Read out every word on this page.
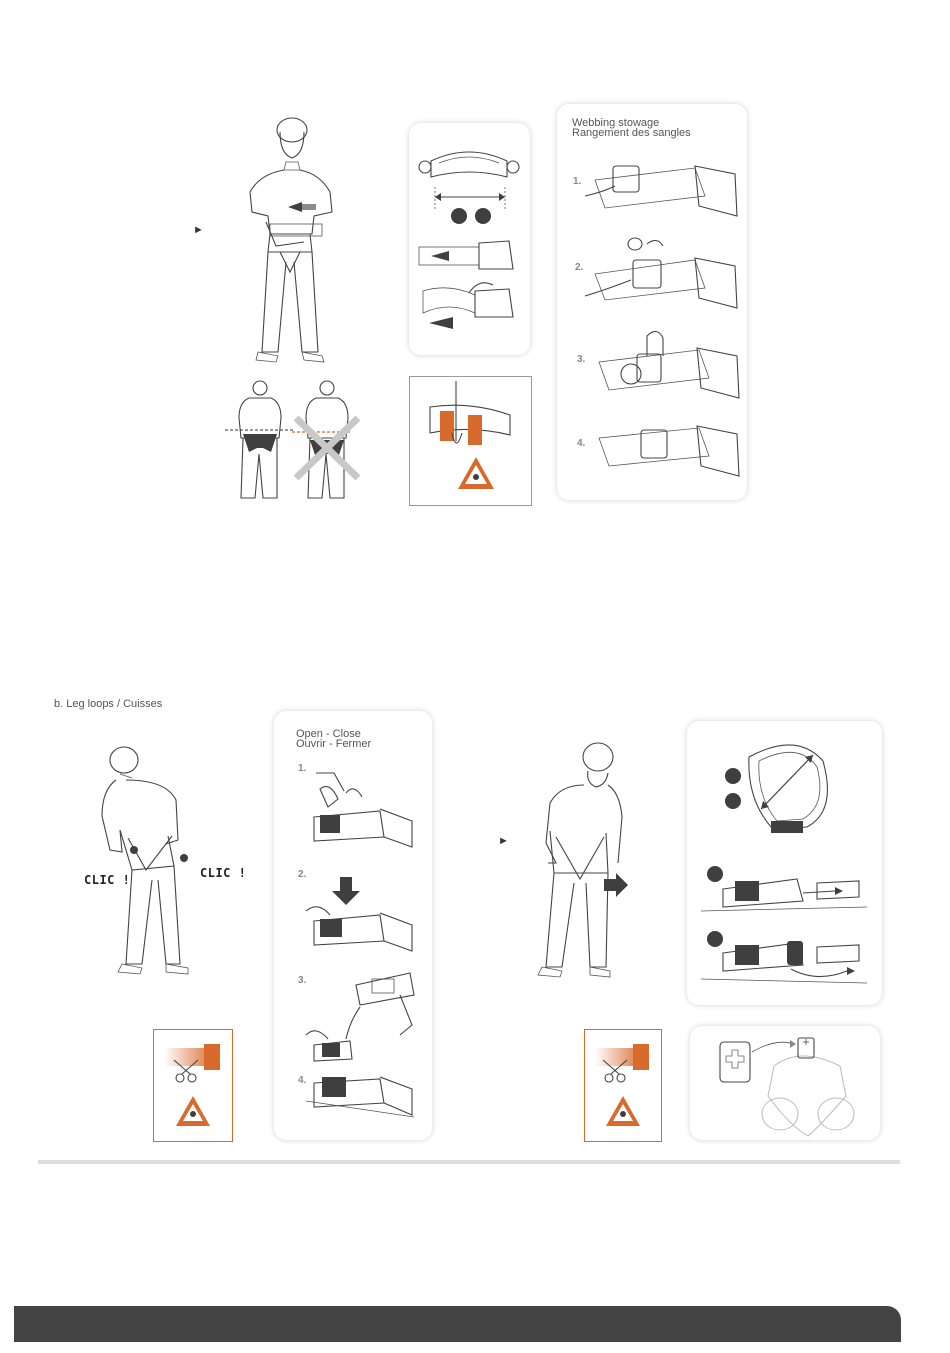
►
Webbing stowage
Rangement des sangles
1.
2.
3.
4.
b. Leg loops / Cuisses
CLIC !	CLIC !
Open - Close
Ouvrir - Fermer
1.
2.
3.
4.
►
